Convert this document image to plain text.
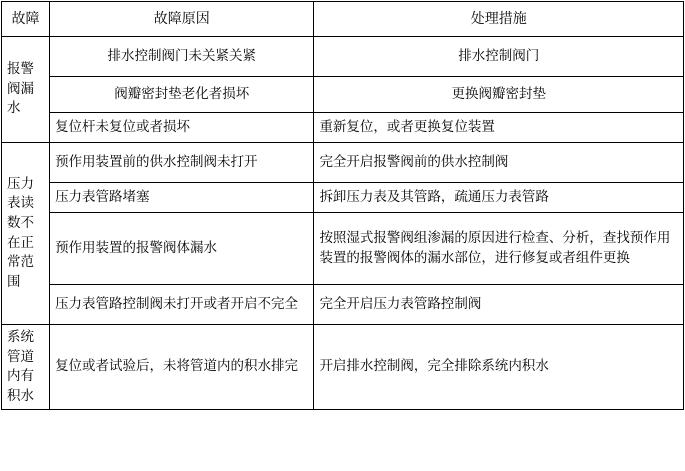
故障	故障原因	处理措施
报警阀漏水	排水控制阀门未关紧关紧	排水控制阀门
	阀瓣密封垫老化者损坏	更换阀瓣密封垫
	复位杆未复位或者损坏	重新复位，或者更换复位装置
压力表读数不在正常范围	预作用装置前的供水控制阀未打开	完全开启报警阀前的供水控制阀
	压力表管路堵塞	拆卸压力表及其管路，疏通压力表管路
	预作用装置的报警阀体漏水	按照湿式报警阀组渗漏的原因进行检查、分析，查找预作用装置的报警阀体的漏水部位，进行修复或者组件更换
	压力表管路控制阀未打开或者开启不完全	完全开启压力表管路控制阀
系统管道内有积水	复位或者试验后，未将管道内的积水排完	开启排水控制阀，完全排除系统内积水
